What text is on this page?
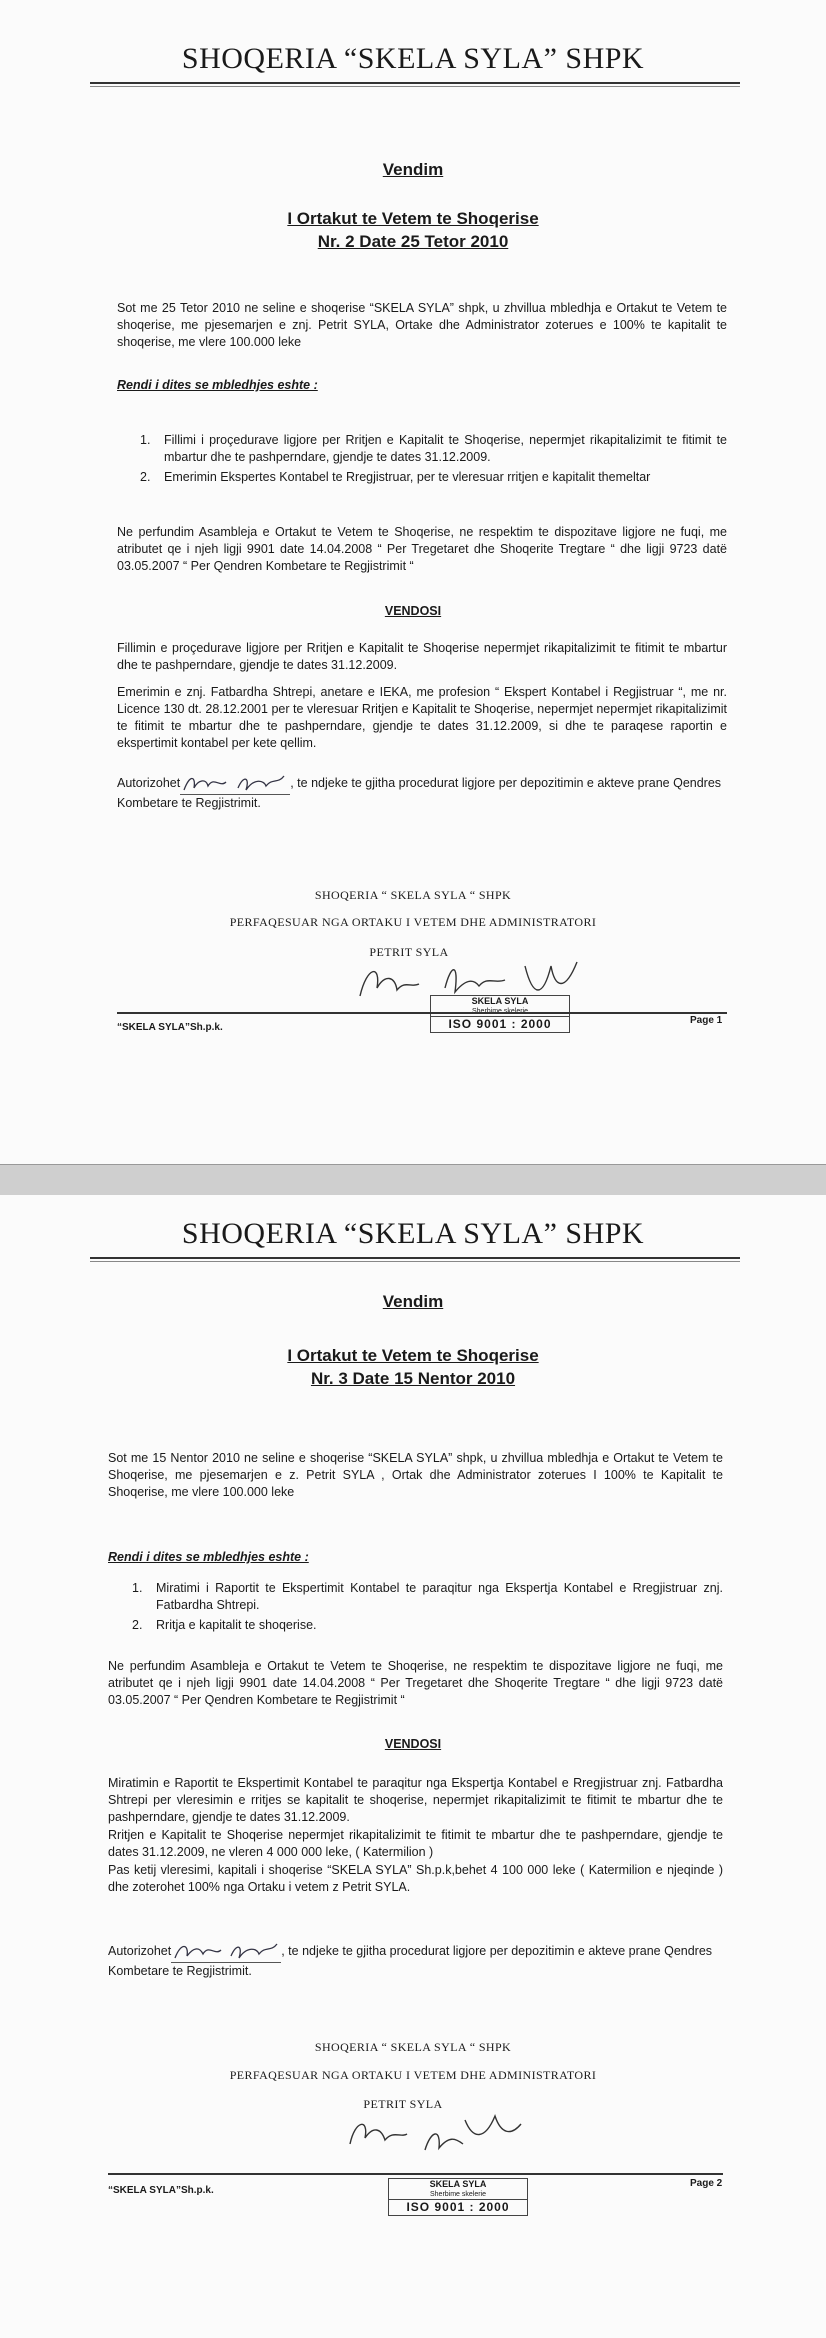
SHOQERIA “SKELA SYLA” SHPK
Vendim
I Ortakut te Vetem te Shoqerise
Nr. 2 Date 25 Tetor 2010
Sot me 25 Tetor 2010 ne seline e shoqerise “SKELA SYLA” shpk, u zhvillua mbledhja e Ortakut te Vetem te shoqerise, me pjesemarjen e znj. Petrit SYLA, Ortake dhe Administrator zoterues e 100% te kapitalit te shoqerise, me vlere 100.000 leke
Rendi i dites se mbledhjes eshte :
1.	Fillimi i proçedurave ligjore per Rritjen e Kapitalit te Shoqerise, nepermjet rikapitalizimit te fitimit te mbartur dhe te pashperndare, gjendje te dates 31.12.2009.
2.	Emerimin Ekspertes Kontabel te Rregjistruar, per te vleresuar rritjen e kapitalit themeltar
Ne perfundim Asambleja e Ortakut te Vetem te Shoqerise, ne respektim te dispozitave ligjore ne fuqi, me atributet qe i njeh ligji 9901 date 14.04.2008 “ Per Tregetaret dhe Shoqerite Tregtare “ dhe ligji 9723 datë 03.05.2007 “ Per Qendren Kombetare te Regjistrimit “
VENDOSI
Fillimin e proçedurave ligjore per Rritjen e Kapitalit te Shoqerise nepermjet rikapitalizimit te fitimit te mbartur dhe te pashperndare, gjendje te dates 31.12.2009.
Emerimin e znj. Fatbardha Shtrepi, anetare e IEKA, me profesion “ Ekspert Kontabel i Regjistruar “, me nr. Licence 130 dt. 28.12.2001 per te vleresuar Rritjen e Kapitalit te Shoqerise, nepermjet nepermjet rikapitalizimit te fitimit te mbartur dhe te pashperndare, gjendje te dates 31.12.2009, si dhe te paraqese raportin e ekspertimit kontabel per kete qellim.
Autorizohet	, te ndjeke te gjitha procedurat ligjore per depozitimin e akteve prane Qendres Kombetare te Regjistrimit.
SHOQERIA “ SKELA SYLA “ SHPK
PERFAQESUAR NGA ORTAKU I VETEM DHE ADMINISTRATORI
PETRIT SYLA
SKELA SYLA
Sherbime skelerie
ISO 9001 : 2000
“SKELA SYLA”Sh.p.k.
Page 1
SHOQERIA “SKELA SYLA” SHPK
Vendim
I Ortakut te Vetem te Shoqerise
Nr. 3 Date 15 Nentor 2010
Sot me 15 Nentor 2010 ne seline e shoqerise “SKELA SYLA” shpk, u zhvillua mbledhja e Ortakut te Vetem te Shoqerise, me pjesemarjen e z. Petrit SYLA , Ortak dhe Administrator zoterues I 100% te Kapitalit te Shoqerise, me vlere 100.000 leke
Rendi i dites se mbledhjes eshte :
1.	Miratimi i Raportit te Ekspertimit Kontabel te paraqitur nga Ekspertja Kontabel e Rregjistruar znj. Fatbardha Shtrepi.
2.	Rritja e kapitalit te shoqerise.
Ne perfundim Asambleja e Ortakut te Vetem te Shoqerise, ne respektim te dispozitave ligjore ne fuqi, me atributet qe i njeh ligji 9901 date 14.04.2008 “ Per Tregetaret dhe Shoqerite Tregtare “ dhe ligji 9723 datë 03.05.2007 “ Per Qendren Kombetare te Regjistrimit “
VENDOSI
Miratimin e Raportit te Ekspertimit Kontabel te paraqitur nga Ekspertja Kontabel e Rregjistruar znj. Fatbardha Shtrepi per vleresimin e rritjes se kapitalit te shoqerise, nepermjet rikapitalizimit te fitimit te mbartur dhe te pashperndare, gjendje te dates 31.12.2009.
Rritjen e Kapitalit te Shoqerise nepermjet rikapitalizimit te fitimit te mbartur dhe te pashperndare, gjendje te dates 31.12.2009, ne vleren 4 000 000 leke, ( Katermilion )
Pas ketij vleresimi, kapitali i shoqerise “SKELA SYLA” Sh.p.k,behet 4 100 000 leke ( Katermilion e njeqinde ) dhe zoterohet 100% nga Ortaku i vetem z Petrit SYLA.
Autorizohet	, te ndjeke te gjitha procedurat ligjore per depozitimin e akteve prane Qendres Kombetare te Regjistrimit.
SHOQERIA “ SKELA SYLA “ SHPK
PERFAQESUAR NGA ORTAKU I VETEM DHE ADMINISTRATORI
PETRIT SYLA
SKELA SYLA
Sherbime skelerie
ISO 9001 : 2000
“SKELA SYLA”Sh.p.k.
Page 2
